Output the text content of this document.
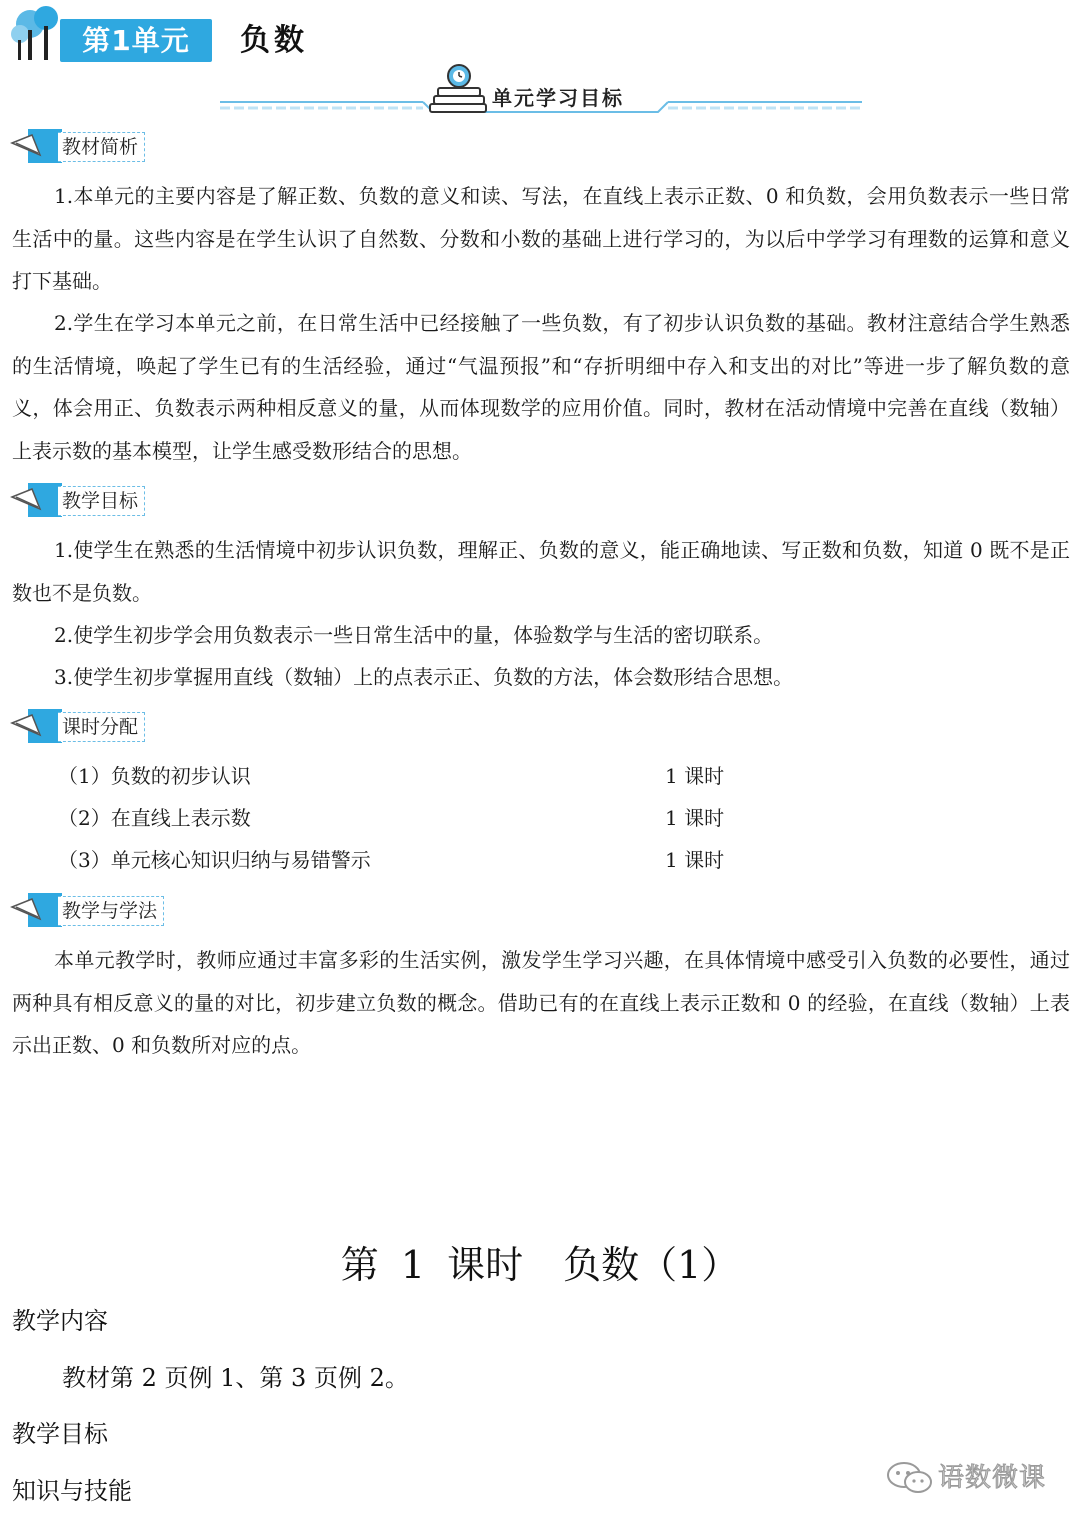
第1单元	负数
单元学习目标
教材简析
1.本单元的主要内容是了解正数、负数的意义和读、写法，在直线上表示正数、0 和负数，会用负数表示一些日常生活中的量。这些内容是在学生认识了自然数、分数和小数的基础上进行学习的，为以后中学学习有理数的运算和意义打下基础。
2.学生在学习本单元之前，在日常生活中已经接触了一些负数，有了初步认识负数的基础。教材注意结合学生熟悉的生活情境，唤起了学生已有的生活经验，通过“气温预报”和“存折明细中存入和支出的对比”等进一步了解负数的意义，体会用正、负数表示两种相反意义的量，从而体现数学的应用价值。同时，教材在活动情境中完善在直线（数轴）上表示数的基本模型，让学生感受数形结合的思想。
教学目标
1.使学生在熟悉的生活情境中初步认识负数，理解正、负数的意义，能正确地读、写正数和负数，知道 0 既不是正数也不是负数。
2.使学生初步学会用负数表示一些日常生活中的量，体验数学与生活的密切联系。
3.使学生初步掌握用直线（数轴）上的点表示正、负数的方法，体会数形结合思想。
课时分配
（1）负数的初步认识	1 课时
（2）在直线上表示数	1 课时
（3）单元核心知识归纳与易错警示	1 课时
教学与学法
本单元教学时，教师应通过丰富多彩的生活实例，激发学生学习兴趣，在具体情境中感受引入负数的必要性，通过两种具有相反意义的量的对比，初步建立负数的概念。借助已有的在直线上表示正数和 0 的经验，在直线（数轴）上表示出正数、0 和负数所对应的点。
第 1 课时 负数（1）
教学内容
教材第 2 页例 1、第 3 页例 2。
教学目标
知识与技能	语数微课
